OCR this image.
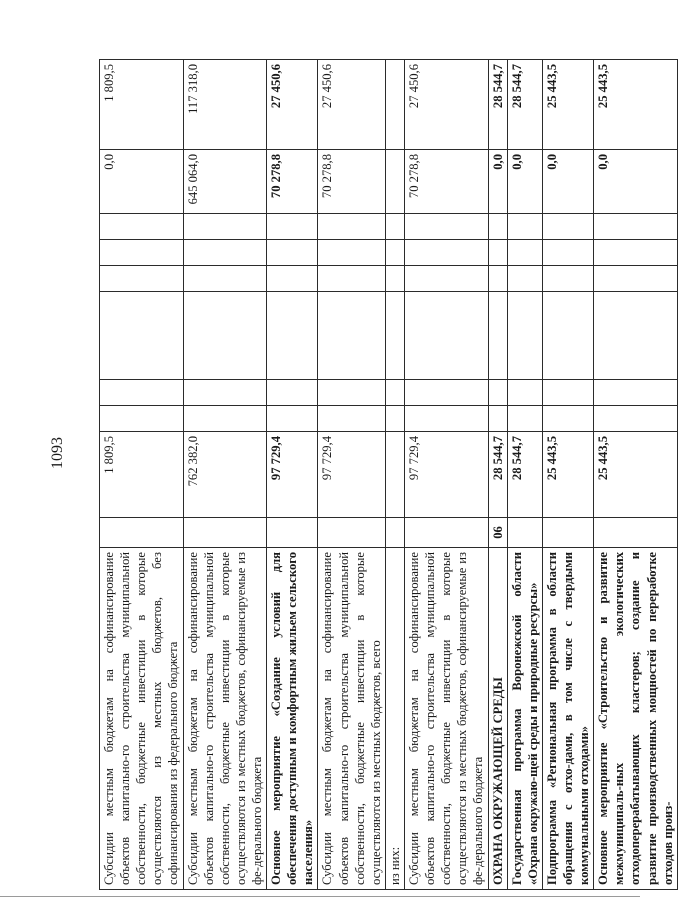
1093
Субсидии местным бюджетам на софинансирование объектов капитально-го строительства муниципальной собственности, бюджетные инвестиции в которые осуществляются из местных бюджетов, без софинансирования из федерального бюджета		1 809,5							0,0	1 809,5
Субсидии местным бюджетам на софинансирование объектов капитально-го строительства муниципальной собственности, бюджетные инвестиции в которые осуществляются из местных бюджетов, софинансируемые из фе-дерального бюджета		762 382,0							645 064,0	117 318,0
Основное мероприятие «Создание условий для обеспечения доступным и комфортным жильем сельского населения»		97 729,4							70 278,8	27 450,6
Субсидии местным бюджетам на софинансирование объектов капитально-го строительства муниципальной собственности, бюджетные инвестиции в которые осуществляются из местных бюджетов, всего		97 729,4							70 278,8	27 450,6
из них:										
Субсидии местным бюджетам на софинансирование объектов капитально-го строительства муниципальной собственности, бюджетные инвестиции в которые осуществляются из местных бюджетов, софинансируемые из фе-дерального бюджета		97 729,4							70 278,8	27 450,6
ОХРАНА ОКРУЖАЮЩЕЙ СРЕДЫ	06	28 544,7							0,0	28 544,7
Государственная программа Воронежской области «Охрана окружаю-щей среды и природные ресурсы»		28 544,7							0,0	28 544,7
Подпрограмма «Региональная программа в области обращения с отхо-дами, в том числе с твердыми коммунальными отходами»		25 443,5							0,0	25 443,5
Основное мероприятие «Строительство и развитие межмуниципаль-ных экологических отходоперерабатывающих кластеров; создание и развитие производственных мощностей по переработке отходов произ-		25 443,5							0,0	25 443,5
